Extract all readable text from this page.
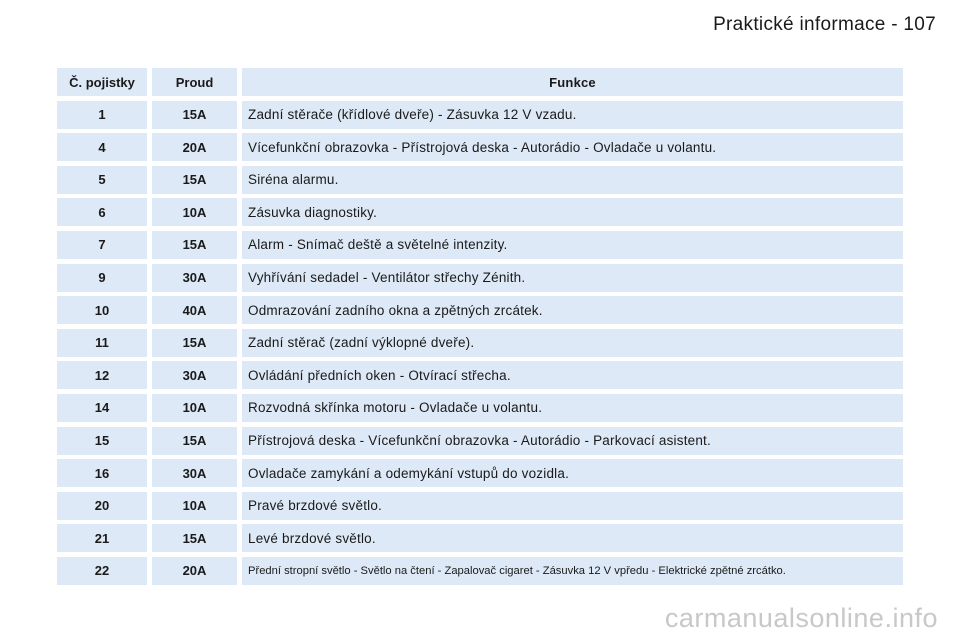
Praktické informace - 107
Č. pojistky	Proud	Funkce
1	15A	Zadní stěrače (křídlové dveře) - Zásuvka 12 V vzadu.
4	20A	Vícefunkční obrazovka - Přístrojová deska - Autorádio - Ovladače u volantu.
5	15A	Siréna alarmu.
6	10A	Zásuvka diagnostiky.
7	15A	Alarm - Snímač deště a světelné intenzity.
9	30A	Vyhřívání sedadel - Ventilátor střechy Zénith.
10	40A	Odmrazování zadního okna a zpětných zrcátek.
11	15A	Zadní stěrač (zadní výklopné dveře).
12	30A	Ovládání předních oken - Otvírací střecha.
14	10A	Rozvodná skřínka motoru - Ovladače u volantu.
15	15A	Přístrojová deska - Vícefunkční obrazovka - Autorádio - Parkovací asistent.
16	30A	Ovladače zamykání a odemykání vstupů do vozidla.
20	10A	Pravé brzdové světlo.
21	15A	Levé brzdové světlo.
22	20A	Přední stropní světlo - Světlo na čtení - Zapalovač cigaret - Zásuvka 12 V vpředu - Elektrické zpětné zrcátko.
carmanualsonline.info
